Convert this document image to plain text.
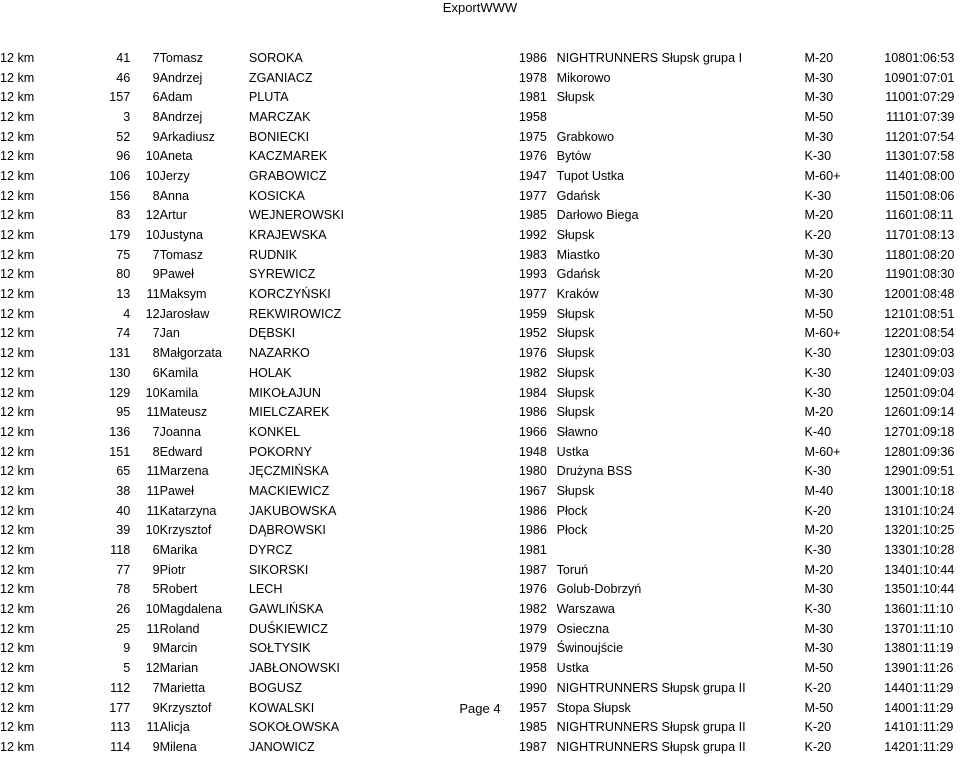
ExportWWW
12 km	41	7	Tomasz	SOROKA	1986	NIGHTRUNNERS Słupsk grupa I	M-20	108	01:06:53
12 km	46	9	Andrzej	ZGANIACZ	1978	Mikorowo	M-30	109	01:07:01
12 km	157	6	Adam	PLUTA	1981	Słupsk	M-30	110	01:07:29
12 km	3	8	Andrzej	MARCZAK	1958		M-50	111	01:07:39
12 km	52	9	Arkadiusz	BONIECKI	1975	Grabkowo	M-30	112	01:07:54
12 km	96	10	Aneta	KACZMAREK	1976	Bytów	K-30	113	01:07:58
12 km	106	10	Jerzy	GRABOWICZ	1947	Tupot Ustka	M-60+	114	01:08:00
12 km	156	8	Anna	KOSICKA	1977	Gdańsk	K-30	115	01:08:06
12 km	83	12	Artur	WEJNEROWSKI	1985	Darłowo Biega	M-20	116	01:08:11
12 km	179	10	Justyna	KRAJEWSKA	1992	Słupsk	K-20	117	01:08:13
12 km	75	7	Tomasz	RUDNIK	1983	Miastko	M-30	118	01:08:20
12 km	80	9	Paweł	SYREWICZ	1993	Gdańsk	M-20	119	01:08:30
12 km	13	11	Maksym	KORCZYŃSKI	1977	Kraków	M-30	120	01:08:48
12 km	4	12	Jarosław	REKWIROWICZ	1959	Słupsk	M-50	121	01:08:51
12 km	74	7	Jan	DĘBSKI	1952	Słupsk	M-60+	122	01:08:54
12 km	131	8	Małgorzata	NAZARKO	1976	Słupsk	K-30	123	01:09:03
12 km	130	6	Kamila	HOLAK	1982	Słupsk	K-30	124	01:09:03
12 km	129	10	Kamila	MIKOŁAJUN	1984	Słupsk	K-30	125	01:09:04
12 km	95	11	Mateusz	MIELCZAREK	1986	Słupsk	M-20	126	01:09:14
12 km	136	7	Joanna	KONKEL	1966	Sławno	K-40	127	01:09:18
12 km	151	8	Edward	POKORNY	1948	Ustka	M-60+	128	01:09:36
12 km	65	11	Marzena	JĘCZMIŃSKA	1980	Drużyna BSS	K-30	129	01:09:51
12 km	38	11	Paweł	MACKIEWICZ	1967	Słupsk	M-40	130	01:10:18
12 km	40	11	Katarzyna	JAKUBOWSKA	1986	Płock	K-20	131	01:10:24
12 km	39	10	Krzysztof	DĄBROWSKI	1986	Płock	M-20	132	01:10:25
12 km	118	6	Marika	DYRCZ	1981		K-30	133	01:10:28
12 km	77	9	Piotr	SIKORSKI	1987	Toruń	M-20	134	01:10:44
12 km	78	5	Robert	LECH	1976	Golub-Dobrzyń	M-30	135	01:10:44
12 km	26	10	Magdalena	GAWLIŃSKA	1982	Warszawa	K-30	136	01:11:10
12 km	25	11	Roland	DUŚKIEWICZ	1979	Osieczna	M-30	137	01:11:10
12 km	9	9	Marcin	SOŁTYSIK	1979	Świnoujście	M-30	138	01:11:19
12 km	5	12	Marian	JABŁONOWSKI	1958	Ustka	M-50	139	01:11:26
12 km	112	7	Marietta	BOGUSZ	1990	NIGHTRUNNERS Słupsk grupa II	K-20	144	01:11:29
12 km	177	9	Krzysztof	KOWALSKI	1957	Stopa Słupsk	M-50	140	01:11:29
12 km	113	11	Alicja	SOKOŁOWSKA	1985	NIGHTRUNNERS Słupsk grupa II	K-20	141	01:11:29
12 km	114	9	Milena	JANOWICZ	1987	NIGHTRUNNERS Słupsk grupa II	K-20	142	01:11:29
Page 4
